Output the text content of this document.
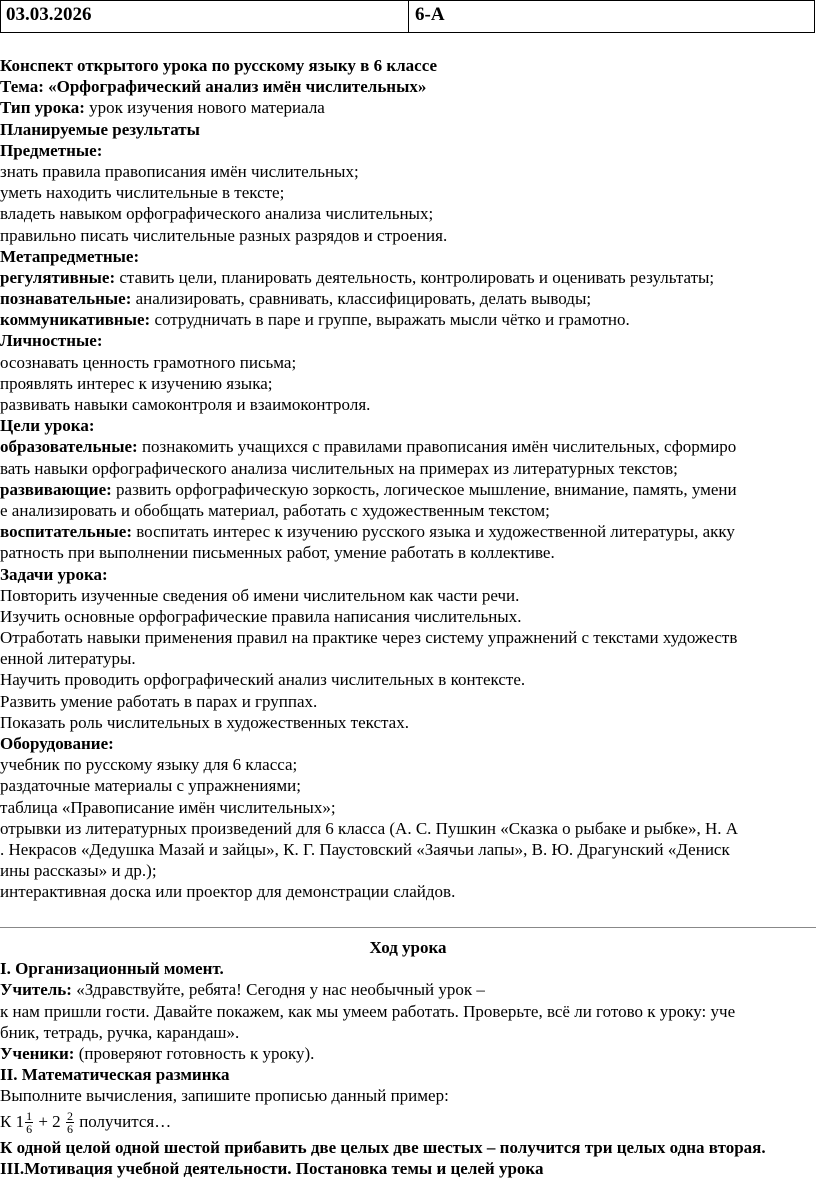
03.03.2026	6-А
Конспект открытого урока по русскому языку в 6 классе
Тема: «Орфографический анализ имён числительных»
Тип урока: урок изучения нового материала
Планируемые результаты
Предметные:
знать правила правописания имён числительных;
уметь находить числительные в тексте;
владеть навыком орфографического анализа числительных;
правильно писать числительные разных разрядов и строения.
Метапредметные:
регулятивные: ставить цели, планировать деятельность, контролировать и оценивать результаты;
познавательные: анализировать, сравнивать, классифицировать, делать выводы;
коммуникативные: сотрудничать в паре и группе, выражать мысли чётко и грамотно.
Личностные:
осознавать ценность грамотного письма;
проявлять интерес к изучению языка;
развивать навыки самоконтроля и взаимоконтроля.
Цели урока:
образовательные: познакомить учащихся с правилами правописания имён числительных, сформиро
вать навыки орфографического анализа числительных на примерах из литературных текстов;
развивающие: развить орфографическую зоркость, логическое мышление, внимание, память, умени
е анализировать и обобщать материал, работать с художественным текстом;
воспитательные: воспитать интерес к изучению русского языка и художественной литературы, акку
ратность при выполнении письменных работ, умение работать в коллективе.
Задачи урока:
Повторить изученные сведения об имени числительном как части речи.
Изучить основные орфографические правила написания числительных.
Отработать навыки применения правил на практике через систему упражнений с текстами художеств
енной литературы.
Научить проводить орфографический анализ числительных в контексте.
Развить умение работать в парах и группах.
Показать роль числительных в художественных текстах.
Оборудование:
учебник по русскому языку для 6 класса;
раздаточные материалы с упражнениями;
таблица «Правописание имён числительных»;
отрывки из литературных произведений для 6 класса (А. С. Пушкин «Сказка о рыбаке и рыбке», Н. А
. Некрасов «Дедушка Мазай и зайцы», К. Г. Паустовский «Заячьи лапы», В. Ю. Драгунский «Дениск
ины рассказы» и др.);
интерактивная доска или проектор для демонстрации слайдов.
Ход урока
I. Организационный момент.
Учитель: «Здравствуйте, ребята! Сегодня у нас необычный урок –
к нам пришли гости. Давайте покажем, как мы умеем работать. Проверьте, всё ли готово к уроку: уче
бник, тетрадь, ручка, карандаш».
Ученики: (проверяют готовность к уроку).
II. Математическая разминка
Выполните вычисления, запишите прописью данный пример:
К $1 \frac{1}{6} + 2 \frac{2}{6}$ получится…
К одной целой одной шестой прибавить две целых две шестых – получится три целых одна вторая.
III.Мотивация учебной деятельности. Постановка темы и целей урока
